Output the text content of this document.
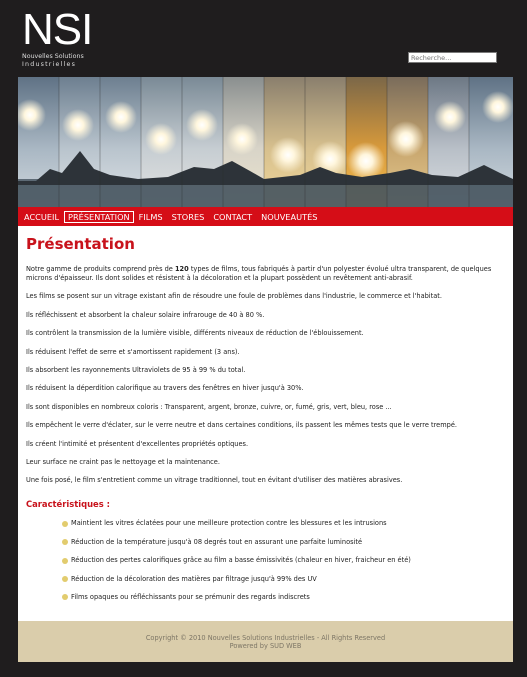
NSI
Nouvelles Solutions
Industrielles
Recherche...
ACCUEIL	PRÉSENTATION	FILMS	STORES	CONTACT	NOUVEAUTÉS
Présentation

Notre gamme de produits comprend près de 120 types de films, tous fabriqués à partir d'un polyester évolué ultra transparent, de quelques microns d'épaisseur. Ils dont solides et résistent à la décoloration et la plupart possèdent un revêtement anti-abrasif.

Les films se posent sur un vitrage existant afin de résoudre une foule de problèmes dans l'industrie, le commerce et l'habitat.

Ils réfléchissent et absorbent la chaleur solaire infrarouge de 40 à 80 %.

Ils contrôlent la transmission de la lumière visible, différents niveaux de réduction de l'éblouissement.

Ils réduisent l'effet de serre et s'amortissent rapidement (3 ans).

Ils absorbent les rayonnements Ultraviolets de 95 à 99 % du total.

Ils réduisent la déperdition calorifique au travers des fenêtres en hiver jusqu'à 30%.

Ils sont disponibles en nombreux coloris : Transparent, argent, bronze, cuivre, or, fumé, gris, vert, bleu, rose ...

Ils empêchent le verre d'éclater, sur le verre neutre et dans certaines conditions, ils passent les mêmes tests que le verre trempé.

Ils créent l'intimité et présentent d'excellentes propriétés optiques.

Leur surface ne craint pas le nettoyage et la maintenance.

Une fois posé, le film s'entretient comme un vitrage traditionnel, tout en évitant d'utiliser des matières abrasives.

Caractéristiques :
Maintient les vitres éclatées pour une meilleure protection contre les blessures et les intrusions
Réduction de la température jusqu'à 08 degrés tout en assurant une parfaite luminosité
Réduction des pertes calorifiques grâce au film a basse émissivités (chaleur en hiver, fraicheur en été)
Réduction de la décoloration des matières par filtrage jusqu'à 99% des UV
Films opaques ou réfléchissants pour se prémunir des regards indiscrets
Copyright © 2010 Nouvelles Solutions Industrielles - All Rights Reserved
Powered by SUD WEB
